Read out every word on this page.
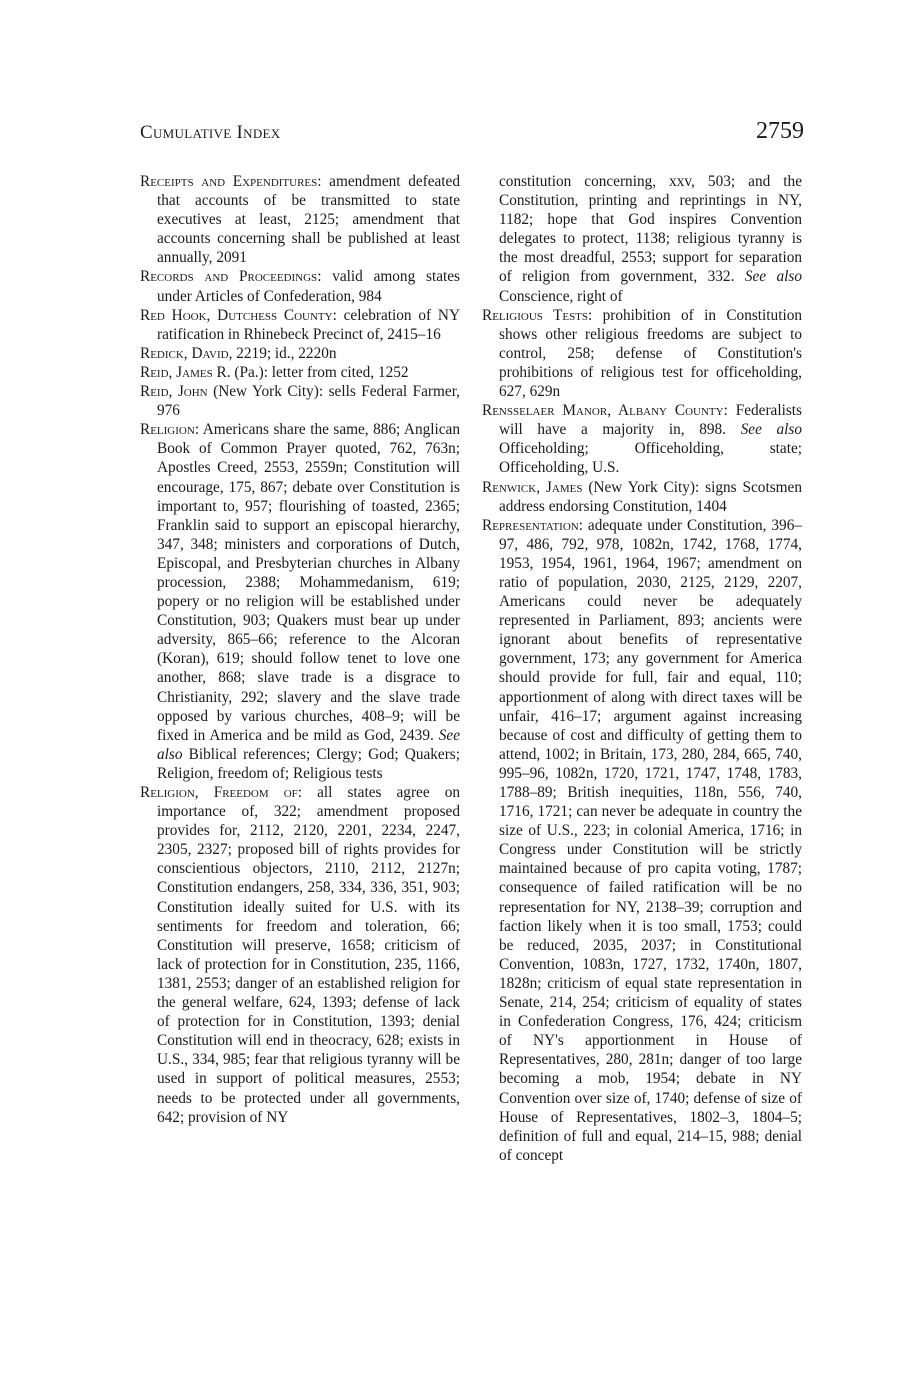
Cumulative Index	2759

Receipts and Expenditures: amendment defeated that accounts of be transmitted to state executives at least, 2125; amendment that accounts concerning shall be published at least annually, 2091

Records and Proceedings: valid among states under Articles of Confederation, 984

Red Hook, Dutchess County: celebration of NY ratification in Rhinebeck Precinct of, 2415–16

Redick, David, 2219; id., 2220n

Reid, James R. (Pa.): letter from cited, 1252

Reid, John (New York City): sells Federal Farmer, 976

Religion: Americans share the same, 886; Anglican Book of Common Prayer quoted, 762, 763n; Apostles Creed, 2553, 2559n; Constitution will encourage, 175, 867; debate over Constitution is important to, 957; flourishing of toasted, 2365; Franklin said to support an episcopal hierarchy, 347, 348; ministers and corporations of Dutch, Episcopal, and Presbyterian churches in Albany procession, 2388; Mohammedanism, 619; popery or no religion will be established under Constitution, 903; Quakers must bear up under adversity, 865–66; reference to the Alcoran (Koran), 619; should follow tenet to love one another, 868; slave trade is a disgrace to Christianity, 292; slavery and the slave trade opposed by various churches, 408–9; will be fixed in America and be mild as God, 2439. See also Biblical references; Clergy; God; Quakers; Religion, freedom of; Religious tests

Religion, Freedom of: all states agree on importance of, 322; amendment proposed provides for, 2112, 2120, 2201, 2234, 2247, 2305, 2327; proposed bill of rights provides for conscientious objectors, 2110, 2112, 2127n; Constitution endangers, 258, 334, 336, 351, 903; Constitution ideally suited for U.S. with its sentiments for freedom and toleration, 66; Constitution will preserve, 1658; criticism of lack of protection for in Constitution, 235, 1166, 1381, 2553; danger of an established religion for the general welfare, 624, 1393; defense of lack of protection for in Constitution, 1393; denial Constitution will end in theocracy, 628; exists in U.S., 334, 985; fear that religious tyranny will be used in support of political measures, 2553; needs to be protected under all governments, 642; provision of NY

constitution concerning, xxv, 503; and the Constitution, printing and reprintings in NY, 1182; hope that God inspires Convention delegates to protect, 1138; religious tyranny is the most dreadful, 2553; support for separation of religion from government, 332. See also Conscience, right of

Religious Tests: prohibition of in Constitution shows other religious freedoms are subject to control, 258; defense of Constitution's prohibitions of religious test for officeholding, 627, 629n

Rensselaer Manor, Albany County: Federalists will have a majority in, 898. See also Officeholding; Officeholding, state; Officeholding, U.S.

Renwick, James (New York City): signs Scotsmen address endorsing Constitution, 1404

Representation: adequate under Constitution, 396–97, 486, 792, 978, 1082n, 1742, 1768, 1774, 1953, 1954, 1961, 1964, 1967; amendment on ratio of population, 2030, 2125, 2129, 2207, Americans could never be adequately represented in Parliament, 893; ancients were ignorant about benefits of representative government, 173; any government for America should provide for full, fair and equal, 110; apportionment of along with direct taxes will be unfair, 416–17; argument against increasing because of cost and difficulty of getting them to attend, 1002; in Britain, 173, 280, 284, 665, 740, 995–96, 1082n, 1720, 1721, 1747, 1748, 1783, 1788–89; British inequities, 118n, 556, 740, 1716, 1721; can never be adequate in country the size of U.S., 223; in colonial America, 1716; in Congress under Constitution will be strictly maintained because of pro capita voting, 1787; consequence of failed ratification will be no representation for NY, 2138–39; corruption and faction likely when it is too small, 1753; could be reduced, 2035, 2037; in Constitutional Convention, 1083n, 1727, 1732, 1740n, 1807, 1828n; criticism of equal state representation in Senate, 214, 254; criticism of equality of states in Confederation Congress, 176, 424; criticism of NY's apportionment in House of Representatives, 280, 281n; danger of too large becoming a mob, 1954; debate in NY Convention over size of, 1740; defense of size of House of Representatives, 1802–3, 1804–5; definition of full and equal, 214–15, 988; denial of concept
